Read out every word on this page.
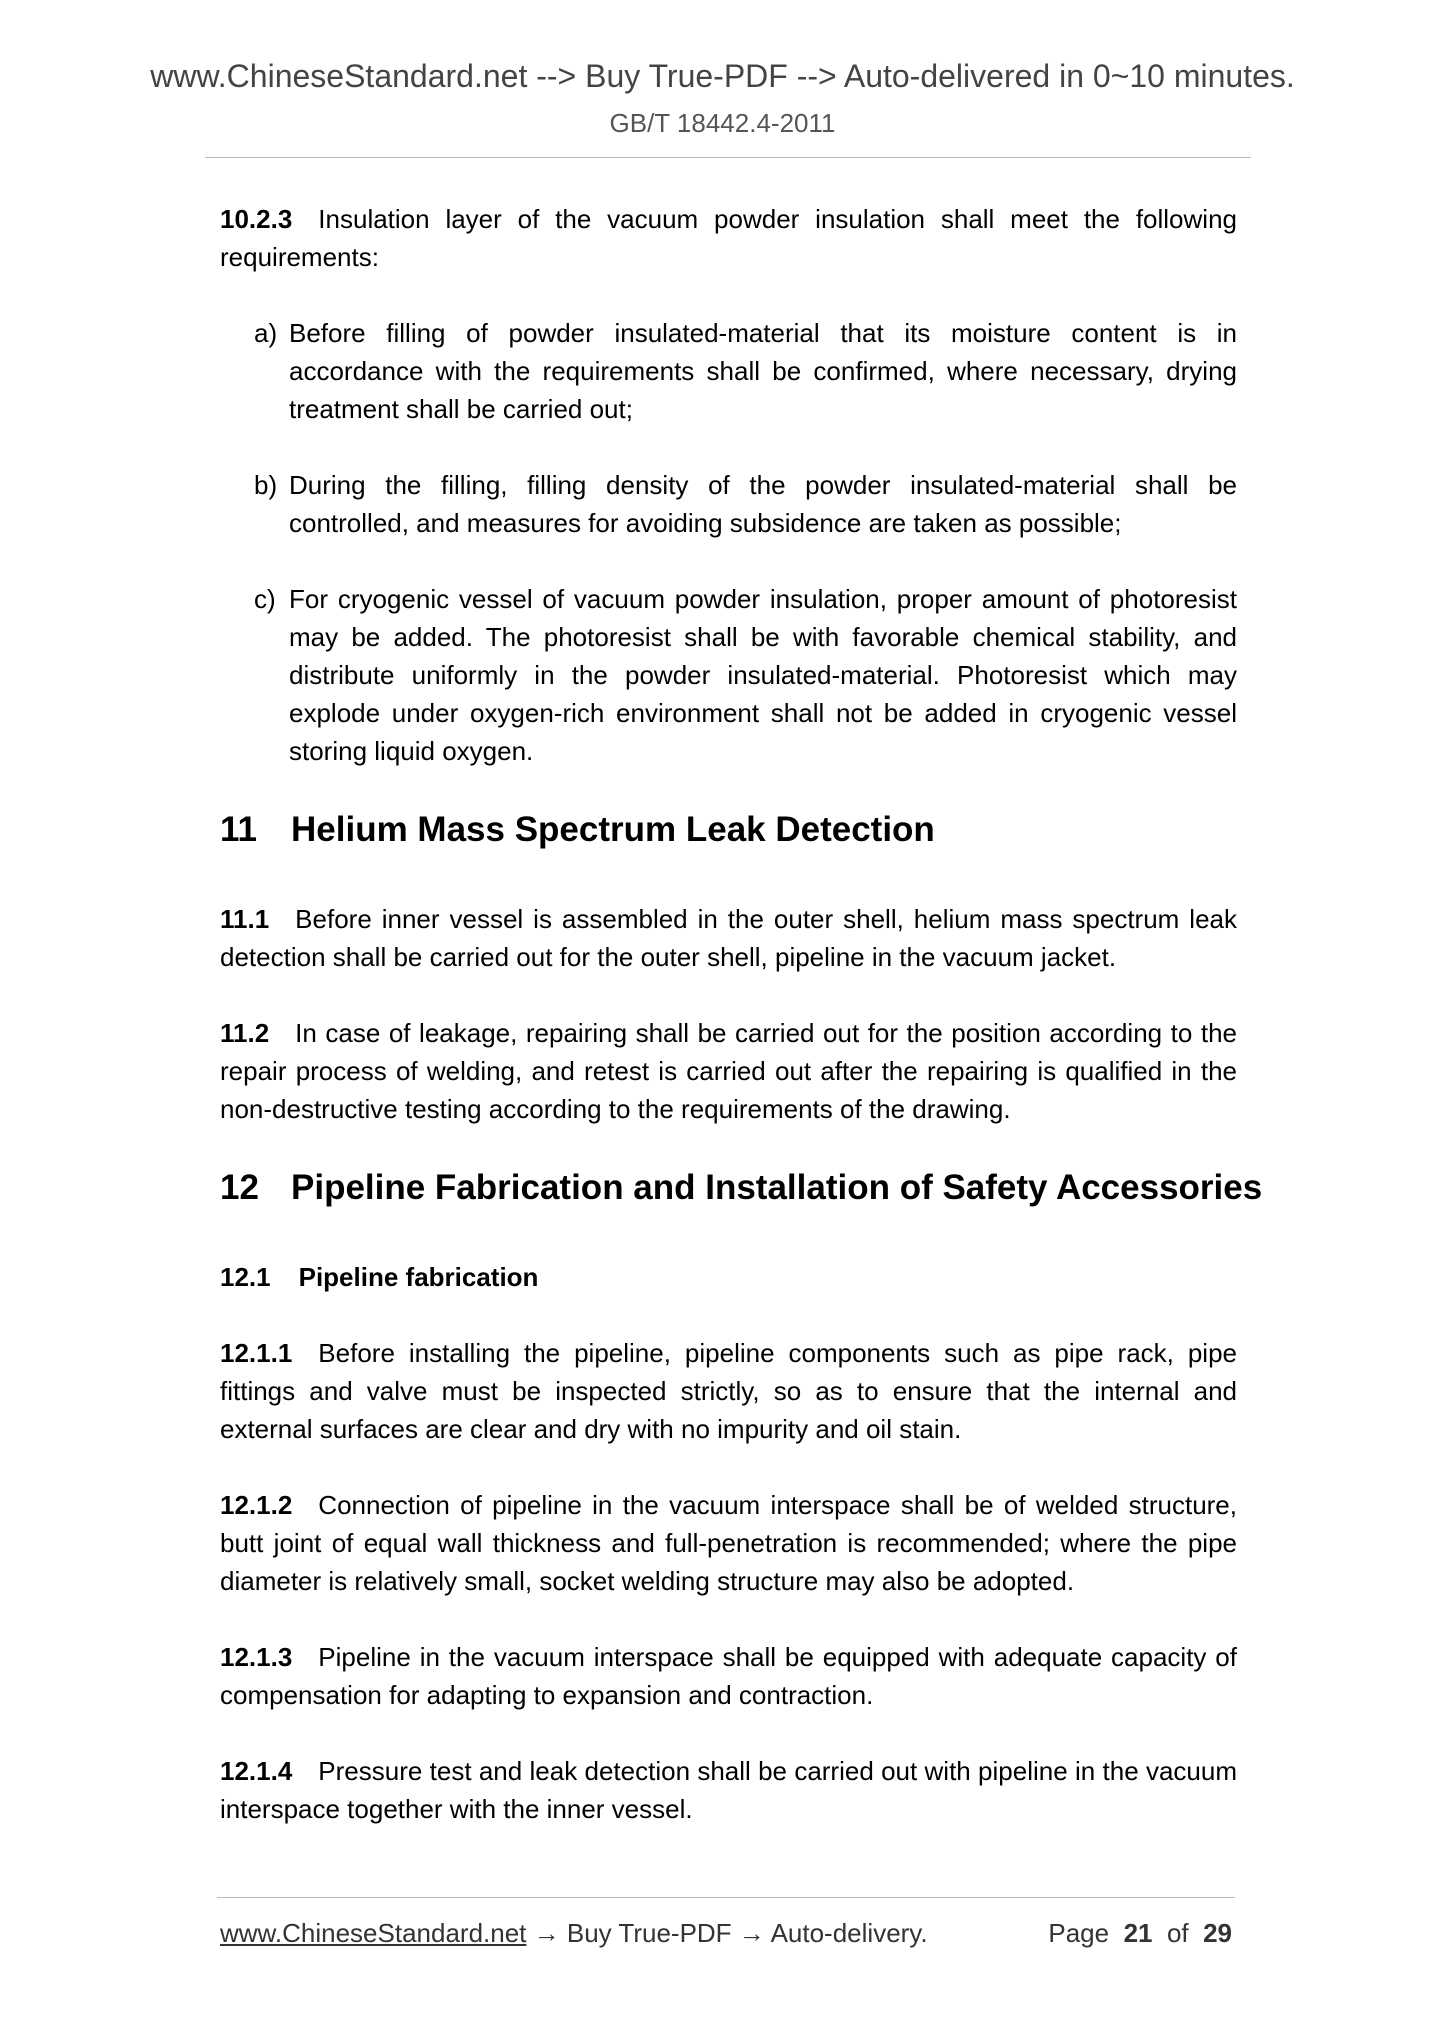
www.ChineseStandard.net --> Buy True-PDF --> Auto-delivered in 0~10 minutes.
GB/T 18442.4-2011

10.2.3 Insulation layer of the vacuum powder insulation shall meet the following requirements:

a) Before filling of powder insulated-material that its moisture content is in accordance with the requirements shall be confirmed, where necessary, drying treatment shall be carried out;

b) During the filling, filling density of the powder insulated-material shall be controlled, and measures for avoiding subsidence are taken as possible;

c) For cryogenic vessel of vacuum powder insulation, proper amount of photoresist may be added. The photoresist shall be with favorable chemical stability, and distribute uniformly in the powder insulated-material. Photoresist which may explode under oxygen-rich environment shall not be added in cryogenic vessel storing liquid oxygen.

11 Helium Mass Spectrum Leak Detection

11.1 Before inner vessel is assembled in the outer shell, helium mass spectrum leak detection shall be carried out for the outer shell, pipeline in the vacuum jacket.

11.2 In case of leakage, repairing shall be carried out for the position according to the repair process of welding, and retest is carried out after the repairing is qualified in the non-destructive testing according to the requirements of the drawing.

12 Pipeline Fabrication and Installation of Safety Accessories
12.1 Pipeline fabrication

12.1.1 Before installing the pipeline, pipeline components such as pipe rack, pipe fittings and valve must be inspected strictly, so as to ensure that the internal and external surfaces are clear and dry with no impurity and oil stain.

12.1.2 Connection of pipeline in the vacuum interspace shall be of welded structure, butt joint of equal wall thickness and full-penetration is recommended; where the pipe diameter is relatively small, socket welding structure may also be adopted.

12.1.3 Pipeline in the vacuum interspace shall be equipped with adequate capacity of compensation for adapting to expansion and contraction.

12.1.4 Pressure test and leak detection shall be carried out with pipeline in the vacuum interspace together with the inner vessel.

www.ChineseStandard.net → Buy True-PDF → Auto-delivery.	Page 21 of 29
